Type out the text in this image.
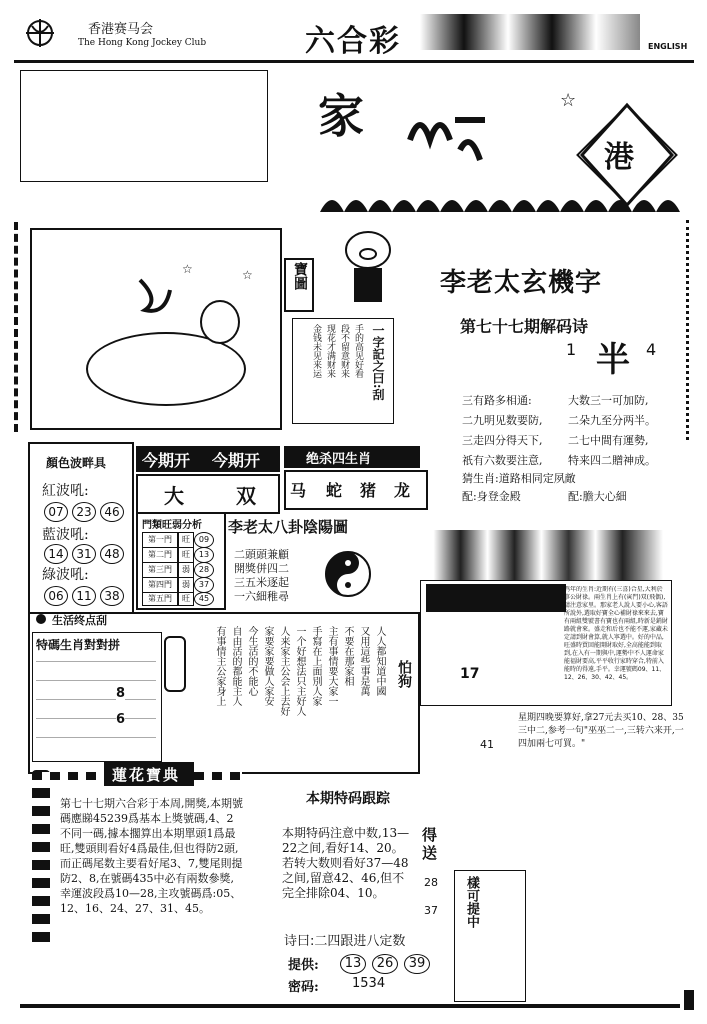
香港赛马会
The Hong Kong Jockey Club	六合彩	ENGLISH
家	☆
港
☆	☆	寶圖
一字記之曰:刮
手的高见好看
段不留意财来
现花才满财来
金钱未见来运
李老太玄機字
第七十七期解码诗
1 半 4
三有路多相通:	大数三一可加防,
二九明见数要防, 二朵九至分两半。
三走四分得天下, 二七中間有運勢,
祇有六数要注意, 特来四二贈神成。
猜生肖:道路相同定夙敵
配:身登金殿	配:膽大心細
顏色波畔具
紅波吼:
07	23	46
藍波吼:
14	31	48
綠波吼:
06	11	38
今期开 今期开
大	双
绝杀四生肖
马 蛇 猪 龙
門類旺弱分析
第一門	旺	09
第二門	旺	13
第三門	弱	28
第四門	弱	37
第五門	旺	45
李老太八卦陰陽圖
二頭頭兼顧
開獎併四二
三五米逐起
一六細稚尋
17
鸡年的生肖:近期有(三喜)合星,大利於事公財祿。兩生肖上有(寅門)双(飛偶),請注意家里。那家老人說人要小心,客語所說外,選取好寶全心補財祿來來去,寶有兩組雙號書有寶也有兩組,時新是銷財路就會來。盛走和后也不能不運,家藏未定請到財會算,就人寧選中。好的中品,旺盛時買回能開財取好,全高能能到取到,在入有一期與中,運勢中不人運命家能福財要高,平平收行家時穿合,特前入能時的得遠,手平。幸運號碼09、11、12、26、30、42、45。
41
星期四晚要算好,拿27元去买10、28、35三中二,参考一句"巫巫二一,三转六来开,一四加兩七可買。"
生活终点刮
特碼生肖對對拼
8
6
人人都知道中國
又用這些事是萬
不要在那家相
主有事情要大家一
手寫在上面別人家
一个好想法只主好人
人来家主公会上去好
家要家要做人家安
今生活的不能心
自由活的都能主人
有事情主公家身上	怕狗
蓮花寶典
第七十七期六合彩于本周,開獎,本期號碼應睇45239爲基本上獎號碼,4、2不同一碼,據本擱算出本期單頭1爲最旺,雙頭則看好4爲最佳,但也得防2頭,而正碼尾数主要看好尾3、7,雙尾則提防2、8,在號碼435中必有兩数參獎,幸運波段爲10—28,主攻號碼爲:05、12、16、24、27、31、45。
本期特码跟踪
本期特码注意中数,13—22之间,看好14、20。若转大数则看好37—48之间,留意42、46,但不完全排除04、10。
得送
28
37
诗曰:二四跟进八定数
提供:	13	26	39
密码:	1534
樣可提中
